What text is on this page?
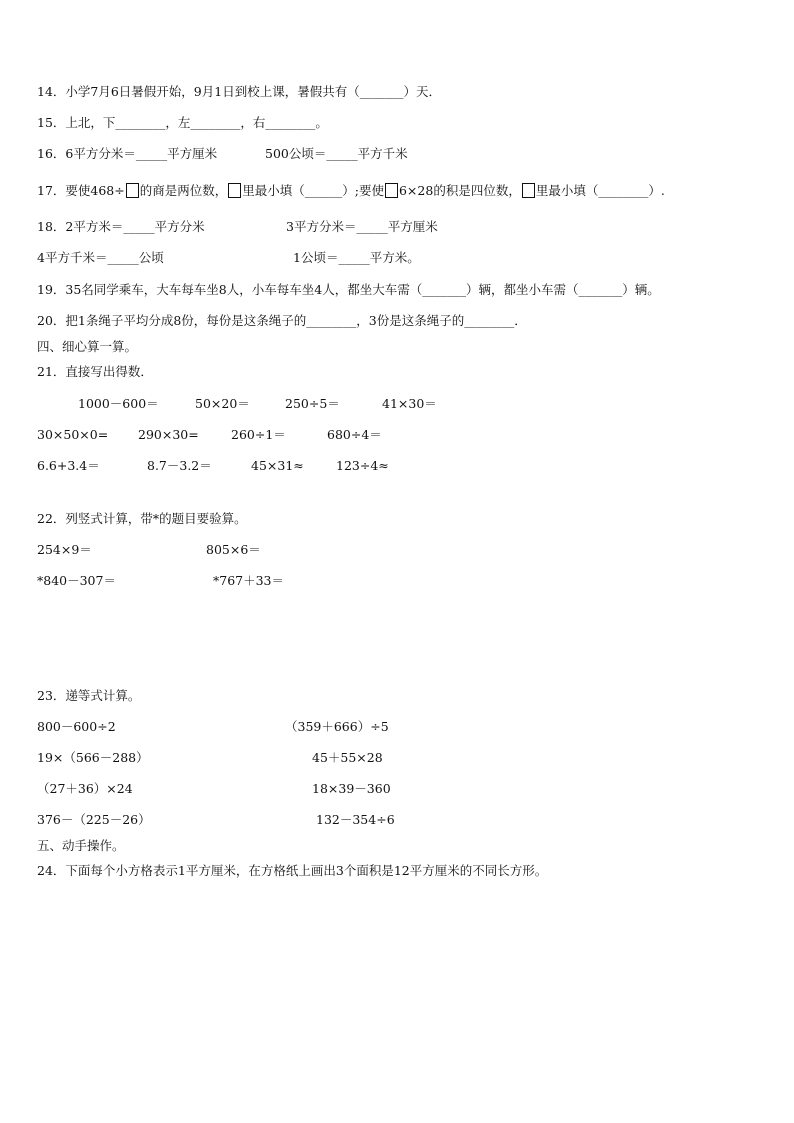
14．小学7月6日暑假开始，9月1日到校上课，暑假共有（_______）天．
15．上北，下________，左________，右________。
16．6平方分米＝_____平方厘米	500公顷＝_____平方千米
17．要使468÷ 的商是两位数， 里最小填（______）;要使 6×28的积是四位数， 里最小填（________）.
18．2平方米＝_____平方分米	3平方分米＝_____平方厘米
4平方千米＝_____公顷	1公顷＝_____平方米。
19．35名同学乘车，大车每车坐8人，小车每车坐4人，都坐大车需（_______）辆，都坐小车需（_______）辆。
20．把1条绳子平均分成8份，每份是这条绳子的________，3份是这条绳子的________．
四、细心算一算。
21．直接写出得数．
1000－600＝	50×20＝	250÷5＝	41×30＝
30×50×0= 290×30=	260÷1＝	680÷4＝
6.6+3.4＝	8.7－3.2＝	45×31≈	123÷4≈
22．列竖式计算，带*的题目要验算。
254×9＝	805×6＝
*840－307＝	*767＋33＝
23．递等式计算。
800－600÷2	（359＋666）÷5
19×（566－288）	45＋55×28
（27＋36）×24	18×39－360
376－（225－26）	132－354÷6
五、动手操作。
24．下面每个小方格表示1平方厘米，在方格纸上画出3个面积是12平方厘米的不同长方形。
